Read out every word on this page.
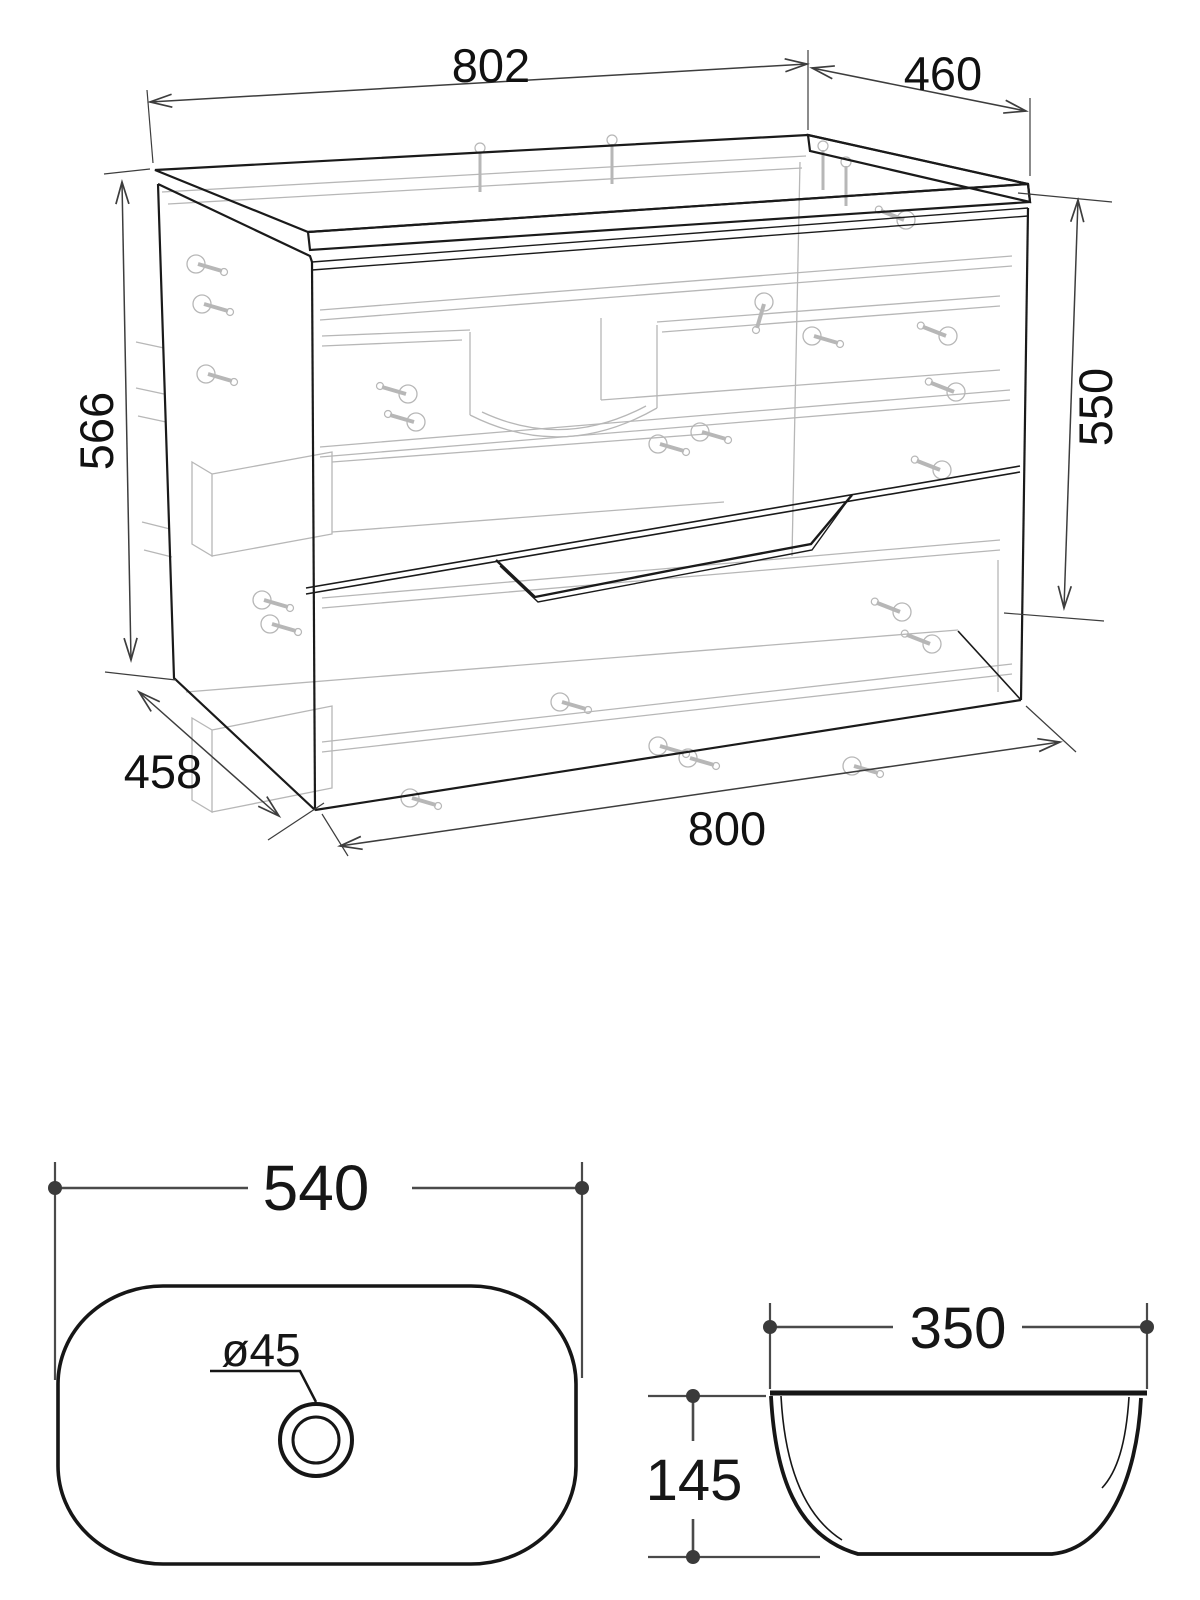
802	460
566	550
458
800
540
ø45	350
145
